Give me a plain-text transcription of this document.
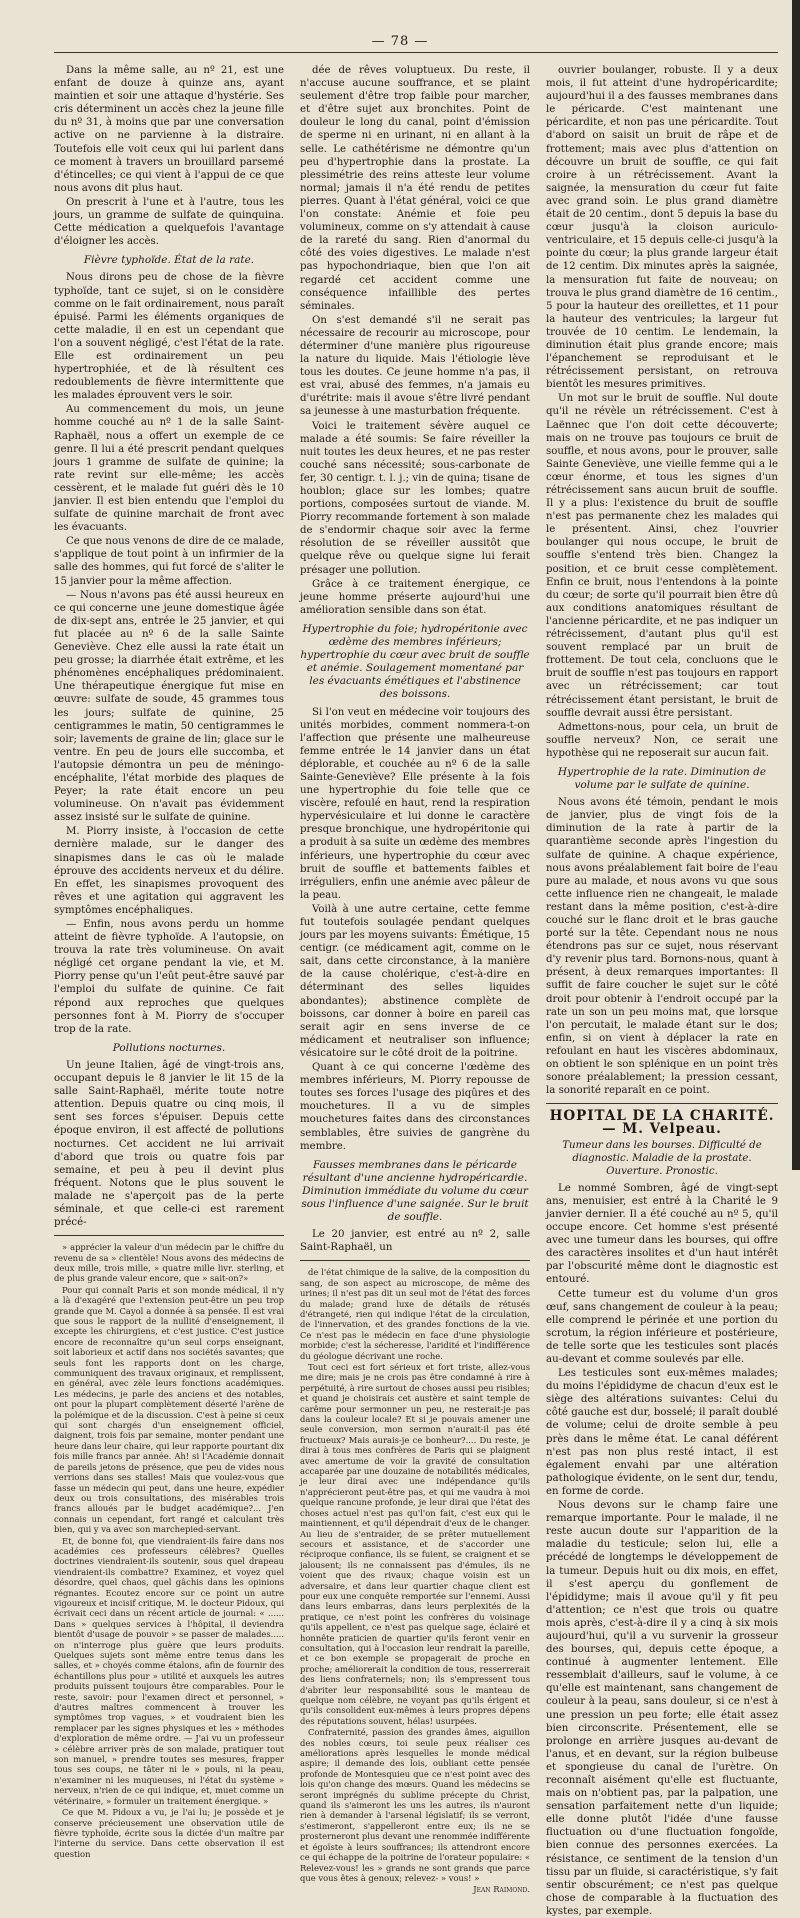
— 78 —

Dans la même salle, au nº 21, est une enfant de douze à quinze ans, ayant maintien et soir une attaque d'hystérie. Ses cris déterminent un accès chez la jeune fille du nº 31, à moins que par une conversation active on ne parvienne à la distraire. Toutefois elle voit ceux qui lui parlent dans ce moment à travers un brouillard parsemé d'étincelles; ce qui vient à l'appui de ce que nous avons dit plus haut.

On prescrit à l'une et à l'autre, tous les jours, un gramme de sulfate de quinquina. Cette médication a quelquefois l'avantage d'éloigner les accès.

Fièvre typhoïde. État de la rate.

Nous dirons peu de chose de la fièvre typhoïde, tant ce sujet, si on le considère comme on le fait ordinairement, nous paraît épuisé. Parmi les éléments organiques de cette maladie, il en est un cependant que l'on a souvent négligé, c'est l'état de la rate. Elle est ordinairement un peu hypertrophiée, et de là résultent ces redoublements de fièvre intermittente que les malades éprouvent vers le soir.

Au commencement du mois, un jeune homme couché au nº 1 de la salle Saint-Raphaël, nous a offert un exemple de ce genre. Il lui a été prescrit pendant quelques jours 1 gramme de sulfate de quinine; la rate revint sur elle-même; les accès cessèrent, et le malade fut guéri dès le 10 janvier. Il est bien entendu que l'emploi du sulfate de quinine marchait de front avec les évacuants.

Ce que nous venons de dire de ce malade, s'applique de tout point à un infirmier de la salle des hommes, qui fut forcé de s'aliter le 15 janvier pour la même affection.

— Nous n'avons pas été aussi heureux en ce qui concerne une jeune domestique âgée de dix-sept ans, entrée le 25 janvier, et qui fut placée au nº 6 de la salle Sainte Geneviève. Chez elle aussi la rate était un peu grosse; la diarrhée était extrême, et les phénomènes encéphaliques prédominaient. Une thérapeutique énergique fut mise en œuvre: sulfate de soude, 45 grammes tous les jours; sulfate de quinine, 25 centigrammes le matin, 50 centigrammes le soir; lavements de graine de lin; glace sur le ventre. En peu de jours elle succomba, et l'autopsie démontra un peu de méningo-encéphalite, l'état morbide des plaques de Peyer; la rate était encore un peu volumineuse. On n'avait pas évidemment assez insisté sur le sulfate de quinine.

M. Piorry insiste, à l'occasion de cette dernière malade, sur le danger des sinapismes dans le cas où le malade éprouve des accidents nerveux et du délire. En effet, les sinapismes provoquent des rêves et une agitation qui aggravent les symptômes encéphaliques.

— Enfin, nous avons perdu un homme atteint de fièvre typhoïde. A l'autopsie, on trouva la rate très volumineuse. On avait négligé cet organe pendant la vie, et M. Piorry pense qu'un l'eût peut-être sauvé par l'emploi du sulfate de quinine. Ce fait répond aux reproches que quelques personnes font à M. Piorry de s'occuper trop de la rate.

Pollutions nocturnes.

Un jeune Italien, âgé de vingt-trois ans, occupant depuis le 8 janvier le lit 15 de la salle Saint-Raphaël, mérite toute notre attention. Depuis quatre ou cinq mois, il sent ses forces s'épuiser. Depuis cette époque environ, il est affecté de pollutions nocturnes. Cet accident ne lui arrivait d'abord que trois ou quatre fois par semaine, et peu à peu il devint plus fréquent. Notons que le plus souvent le malade ne s'aperçoit pas de la perte séminale, et que celle-ci est rarement précé-

» apprécier la valeur d'un médecin par le chiffre du revenu de sa » clientèle! Nous avons des médecins de deux mille, trois mille, » quatre mille livr. sterling, et de plus grande valeur encore, que » sait-on?»

Pour qui connaît Paris et son monde médical, il n'y a là d'exagéré que l'extension peut-être un peu trop grande que M. Cayol a donnée à sa pensée. Il est vrai que sous le rapport de la nullité d'enseignement, il excepte les chirurgiens, et c'est justice. C'est justice encore de reconnaître qu'un seul corps enseignant, soit laborieux et actif dans nos sociétés savantes; que seuls font les rapports dont on les charge, communiquent des travaux originaux, et remplissent, en général, avec zèle leurs fonctions académiques. Les médecins, je parle des anciens et des notables, ont pour la plupart complètement déserté l'arène de la polémique et de la discussion. C'est à peine si ceux qui sont chargés d'un enseignement officiel, daignent, trois fois par semaine, monter pendant une heure dans leur chaire, qui leur rapporte pourtant dix fois mille francs par année. Ah! si l'Académie donnait de pareils jetons de présence, que peu de vides nous verrions dans ses stalles! Mais que voulez-vous que fasse un médecin qui peut, dans une heure, expédier deux ou trois consultations, des misérables trois francs alloués par le budget académique?... J'en connais un cependant, fort rangé et calculant très bien, qui y va avec son marchepied-servant.

Et, de bonne foi, que viendraient-ils faire dans nos académies ces professeurs célèbres? Quelles doctrines viendraient-ils soutenir, sous quel drapeau viendraient-ils combattre? Examinez, et voyez quel désordre, quel chaos, quel gâchis dans les opinions régnantes. Ecoutez encore sur ce point un autre vigoureux et incisif critique, M. le docteur Pidoux, qui écrivait ceci dans un récent article de journal: « ...... Dans » quelques services à l'hôpital, il deviendra bientôt d'usage de pouvoir » se passer de malades..... on n'interroge plus guère que leurs produits. Quelques sujets sont même entre tenus dans les salles, et » choyés comme étalons, afin de fournir des échantillons plus pour » utilité et auxquels les autres produits puissent toujours être comparables. Pour le reste, savoir: pour l'examen direct et personnel, » d'autres maîtres commencent à trouver les symptômes trop vagues, » et voudraient bien les remplacer par les signes physiques et les » méthodes d'exploration de même ordre. — J'ai vu un professeur » célèbre arriver près de son malade, pratiquer tout son manuel, » prendre toutes ses mesures, frapper tous ses coups, ne tâter ni le » pouls, ni la peau, n'examiner ni les muqueuses, ni l'état du système » nerveux, n'rien de ce qui indique, et, muet comme un vétérinaire, » formuler un traitement énergique. »

Ce que M. Pidoux a vu, je l'ai lu; je possède et je conserve précieusement une observation utile de fièvre typhoïde, écrite sous la dictée d'un maître par l'interne du service. Dans cette observation il est question

dée de rêves voluptueux. Du reste, il n'accuse aucune souffrance, et se plaint seulement d'être trop faible pour marcher, et d'être sujet aux bronchites. Point de douleur le long du canal, point d'émission de sperme ni en urinant, ni en allant à la selle. Le cathétérisme ne démontre qu'un peu d'hypertrophie dans la prostate. La plessimétrie des reins atteste leur volume normal; jamais il n'a été rendu de petites pierres. Quant à l'état général, voici ce que l'on constate: Anémie et foie peu volumineux, comme on s'y attendait à cause de la rareté du sang. Rien d'anormal du côté des voies digestives. Le malade n'est pas hypochondriaque, bien que l'on ait regardé cet accident comme une conséquence infaillible des pertes séminales.

On s'est demandé s'il ne serait pas nécessaire de recourir au microscope, pour déterminer d'une manière plus rigoureuse la nature du liquide. Mais l'étiologie lève tous les doutes. Ce jeune homme n'a pas, il est vrai, abusé des femmes, n'a jamais eu d'urétrite: mais il avoue s'être livré pendant sa jeunesse à une masturbation fréquente.

Voici le traitement sévère auquel ce malade a été soumis: Se faire réveiller la nuit toutes les deux heures, et ne pas rester couché sans nécessité; sous-carbonate de fer, 30 centigr. t. l. j.; vin de quina; tisane de houblon; glace sur les lombes; quatre portions, composées surtout de viande. M. Piorry recommande fortement à son malade de s'endormir chaque soir avec la ferme résolution de se réveiller aussitôt que quelque rêve ou quelque signe lui ferait présager une pollution.

Grâce à ce traitement énergique, ce jeune homme préserte aujourd'hui une amélioration sensible dans son état.

Hypertrophie du foie; hydropéritonie avec œdème des membres inférieurs; hypertrophie du cœur avec bruit de souffle et anémie. Soulagement momentané par les évacuants émétiques et l'abstinence des boissons.

Si l'on veut en médecine voir toujours des unités morbides, comment nommera-t-on l'affection que présente une malheureuse femme entrée le 14 janvier dans un état déplorable, et couchée au nº 6 de la salle Sainte-Geneviève? Elle présente à la fois une hypertrophie du foie telle que ce viscère, refoulé en haut, rend la respiration hypervésiculaire et lui donne le caractère presque bronchique, une hydropéritonie qui a produit à sa suite un œdème des membres inférieurs, une hypertrophie du cœur avec bruit de souffle et battements faibles et irréguliers, enfin une anémie avec pâleur de la peau.

Voilà à une autre certaine, cette femme fut toutefois soulagée pendant quelques jours par les moyens suivants: Émétique, 15 centigr. (ce médicament agit, comme on le sait, dans cette circonstance, à la manière de la cause cholérique, c'est-à-dire en déterminant des selles liquides abondantes); abstinence complète de boissons, car donner à boire en pareil cas serait agir en sens inverse de ce médicament et neutraliser son influence; vésicatoire sur le côté droit de la poitrine.

Quant à ce qui concerne l'œdème des membres inférieurs, M. Piorry repousse de toutes ses forces l'usage des piqûres et des mouchetures. Il a vu de simples mouchetures faites dans des circonstances semblables, être suivies de gangrène du membre.

Fausses membranes dans le péricarde résultant d'une ancienne hydropéricardie. Diminution immédiate du volume du cœur sous l'influence d'une saignée. Sur le bruit de souffle.

Le 20 janvier, est entré au nº 2, salle Saint-Raphaël, un

de l'état chimique de la salive, de la composition du sang, de son aspect au microscope, de même des urines; il n'est pas dit un seul mot de l'état des forces du malade; grand luxe de détails de rétusés d'étrangeté, rien qui indique l'état de la circulation, de l'innervation, et des grandes fonctions de la vie. Ce n'est pas le médecin en face d'une physiologie morbide; c'est la sécheresse, l'aridité et l'indifférence du géologue décrivant une roche.

Tout ceci est fort sérieux et fort triste, allez-vous me dire; mais je ne crois pas être condamné à rire à perpétuité, à rire surtout de choses aussi peu risibles; et quand je choisirais cet austère et saint temple de carême pour sermonner un peu, ne resterait-je pas dans la couleur locale? Et si je pouvais amener une seule conversion, mon sermon n'aurait-il pas été fructueux? Mais aurais-je ce bonheur?.... Du reste, je dirai à tous mes confrères de Paris qui se plaignent avec amertume de voir la gravité de consultation accaparée par une douzaine de notabilités médicales, je leur dirai avec une indépendance qu'ils n'apprécieront peut-être pas, et qui me vaudra à moi quelque rancune profonde, je leur dirai que l'état des choses actuel n'est pas qu'l'on fait, c'est eux qui le maintiennent, et qu'il dépendrait d'eux de le changer. Au lieu de s'entraider, de se prêter mutuellement secours et assistance, et de s'accorder une réciproque confiance, ils se fuient, se craignent et se jalousent; ils ne connaissent pas d'émules, ils ne voient que des rivaux; chaque voisin est un adversaire, et dans leur quartier chaque client est pour eux une conquête remportée sur l'ennemi. Aussi dans leurs embarras, dans leurs perplexités de la pratique, ce n'est point les confrères du voisinage qu'ils appellent, ce n'est pas quelque sage, éclairé et honnête praticien de quartier qu'ils feront venir en consultation, qui à l'occasion leur rendrait la pareille, et ce bon exemple se propagerait de proche en proche; améliorerait la condition de tous, resserrerait des liens confraternels; non; ils s'empressent tous d'abriter leur responsabilité sous le manteau de quelque nom célèbre, ne voyant pas qu'ils érigent et qu'ils consolident eux-mêmes à leurs propres dépens des réputations souvent, hélas! usurpées.

Confraternité, passion des grandes âmes, aiguillon des nobles cœurs, toi seule peux réaliser ces améliorations après lesquelles le monde médical aspire; il demande des lois, oubliant cette pensée profonde de Montesquieu que ce n'est point avec des lois qu'on change des mœurs. Quand les médecins se seront imprégnés du sublime précepte du Christ, quand ils s'aimeront les uns les autres, ils n'auront rien à demander à l'arsenal législatif; ils se verront, s'estimeront, s'appelleront entre eux; ils ne se prosterneront plus devant une renommée indifférente et égoïste à leurs souffrances; ils attendront encore ce qui échappe de la poitrine de l'orateur populaire: « Relevez-vous! les » grands ne sont grands que parce que vous êtes à genoux; relevez- » vous! »

Jean Raimond.

ouvrier boulanger, robuste. Il y a deux mois, il fut atteint d'une hydropéricardite; aujourd'hui il a des fausses membranes dans le péricarde. C'est maintenant une péricardite, et non pas une péricardite. Tout d'abord on saisit un bruit de râpe et de frottement; mais avec plus d'attention on découvre un bruit de souffle, ce qui fait croire à un rétrécissement. Avant la saignée, la mensuration du cœur fut faite avec grand soin. Le plus grand diamètre était de 20 centim., dont 5 depuis la base du cœur jusqu'à la cloison auriculo-ventriculaire, et 15 depuis celle-ci jusqu'à la pointe du cœur; la plus grande largeur était de 12 centim. Dix minutes après la saignée, la mensuration fut faite de nouveau; on trouva le plus grand diamètre de 16 centim., 5 pour la hauteur des oreillettes, et 11 pour la hauteur des ventricules; la largeur fut trouvée de 10 centim. Le lendemain, la diminution était plus grande encore; mais l'épanchement se reproduisant et le rétrécissement persistant, on retrouva bientôt les mesures primitives.

Un mot sur le bruit de souffle. Nul doute qu'il ne révèle un rétrécissement. C'est à Laënnec que l'on doit cette découverte; mais on ne trouve pas toujours ce bruit de souffle, et nous avons, pour le prouver, salle Sainte Geneviève, une vieille femme qui a le cœur énorme, et tous les signes d'un rétrécissement sans aucun bruit de souffle. Il y a plus: l'existence du bruit de souffle n'est pas permanente chez les malades qui le présentent. Ainsi, chez l'ouvrier boulanger qui nous occupe, le bruit de souffle s'entend très bien. Changez la position, et ce bruit cesse complètement. Enfin ce bruit, nous l'entendons à la pointe du cœur; de sorte qu'il pourrait bien être dû aux conditions anatomiques résultant de l'ancienne péricardite, et ne pas indiquer un rétrécissement, d'autant plus qu'il est souvent remplacé par un bruit de frottement. De tout cela, concluons que le bruit de souffle n'est pas toujours en rapport avec un rétrécissement; car tout rétrécissement étant persistant, le bruit de souffle devrait aussi être persistant.

Admettons-nous, pour cela, un bruit de souffle nerveux? Non, ce serait une hypothèse qui ne reposerait sur aucun fait.

Hypertrophie de la rate. Diminution de volume par le sulfate de quinine.

Nous avons été témoin, pendant le mois de janvier, plus de vingt fois de la diminution de la rate à partir de la quarantième seconde après l'ingestion du sulfate de quinine. A chaque expérience, nous avons préalablement fait boire de l'eau pure au malade, et nous avons vu que sous cette influence rien ne changeait, le malade restant dans la même position, c'est-à-dire couché sur le flanc droit et le bras gauche porté sur la tête. Cependant nous ne nous étendrons pas sur ce sujet, nous réservant d'y revenir plus tard. Bornons-nous, quant à présent, à deux remarques importantes: Il suffit de faire coucher le sujet sur le côté droit pour obtenir à l'endroit occupé par la rate un son un peu moins mat, que lorsque l'on percutait, le malade étant sur le dos; enfin, si on vient à déplacer la rate en refoulant en haut les viscères abdominaux, on obtient le son splénique en un point très sonore préalablement; la pression cessant, la sonorité reparaît en ce point.

HOPITAL DE LA CHARITÉ. — M. Velpeau.
Tumeur dans les bourses. Difficulté de diagnostic. Maladie de la prostate. Ouverture. Pronostic.

Le nommé Sombren, âgé de vingt-sept ans, menuisier, est entré à la Charité le 9 janvier dernier. Il a été couché au nº 5, qu'il occupe encore. Cet homme s'est présenté avec une tumeur dans les bourses, qui offre des caractères insolites et d'un haut intérêt par l'obscurité même dont le diagnostic est entouré.

Cette tumeur est du volume d'un gros œuf, sans changement de couleur à la peau; elle comprend le périnée et une portion du scrotum, la région inférieure et postérieure, de telle sorte que les testicules sont placés au-devant et comme soulevés par elle.

Les testicules sont eux-mêmes malades; du moins l'épididyme de chacun d'eux est le siège des altérations suivantes: Celui du côté gauche est dur, bosselé; il paraît doublé de volume; celui de droite semble à peu près dans le même état. Le canal déférent n'est pas non plus resté intact, il est également envahi par une altération pathologique évidente, on le sent dur, tendu, en forme de corde.

Nous devons sur le champ faire une remarque importante. Pour le malade, il ne reste aucun doute sur l'apparition de la maladie du testicule; selon lui, elle a précédé de longtemps le développement de la tumeur. Depuis huit ou dix mois, en effet, il s'est aperçu du gonflement de l'épididyme; mais il avoue qu'il y fit peu d'attention; ce n'est que trois ou quatre mois après, c'est-à-dire il y a cinq à six mois aujourd'hui, qu'il a vu survenir la grosseur des bourses, qui, depuis cette époque, a continué à augmenter lentement. Elle ressemblait d'ailleurs, sauf le volume, à ce qu'elle est maintenant, sans changement de couleur à la peau, sans douleur, si ce n'est à une pression un peu forte; elle était assez bien circonscrite. Présentement, elle se prolonge en arrière jusques au-devant de l'anus, et en devant, sur la région bulbeuse et spongieuse du canal de l'urètre. On reconnaît aisément qu'elle est fluctuante, mais on n'obtient pas, par la palpation, une sensation parfaitement nette d'un liquide; elle donne plutôt l'idée d'une fausse fluctuation ou d'une fluctuation fongoïde, bien connue des personnes exercées. La résistance, ce sentiment de la tension d'un tissu par un fluide, si caractéristique, s'y fait sentir obscurément; ce n'est pas quelque chose de comparable à la fluctuation des kystes, par exemple.
